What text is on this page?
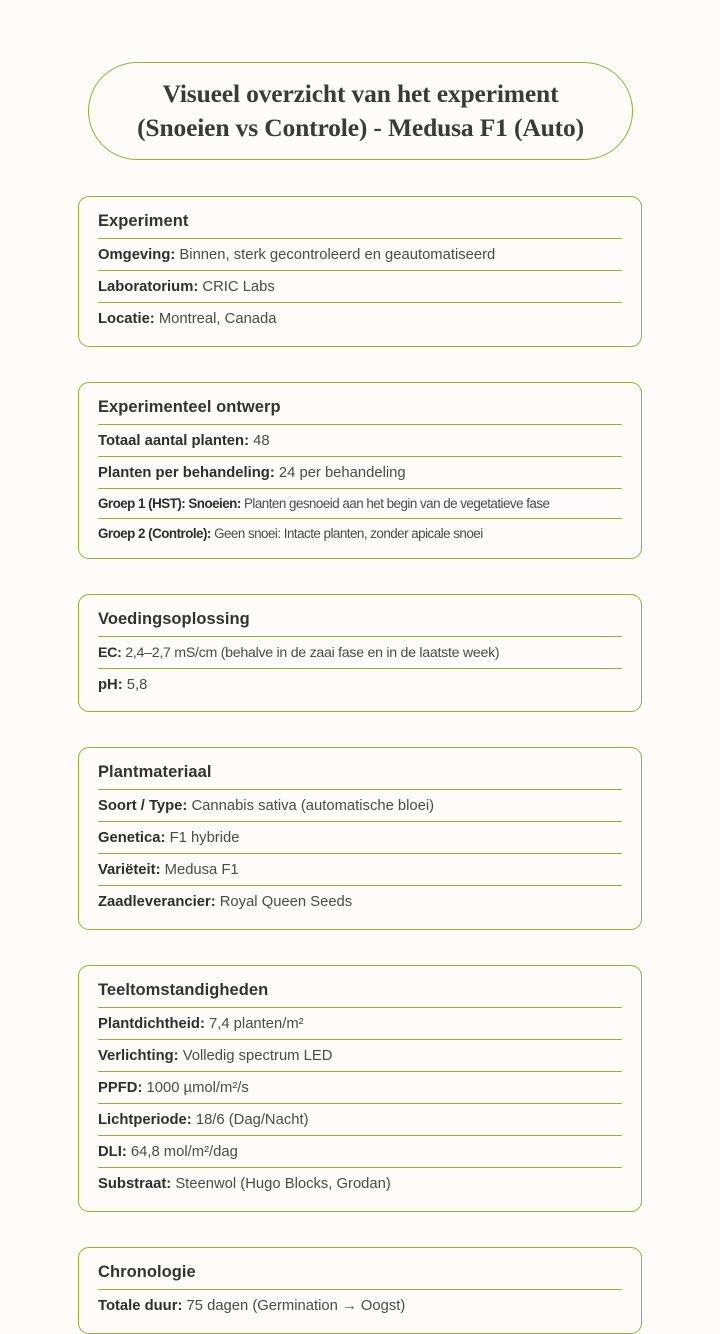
Visueel overzicht van het experiment
(Snoeien vs Controle) - Medusa F1 (Auto)
Experiment
Omgeving: Binnen, sterk gecontroleerd en geautomatiseerd
Laboratorium: CRIC Labs
Locatie: Montreal, Canada
Experimenteel ontwerp
Totaal aantal planten: 48
Planten per behandeling: 24 per behandeling
Groep 1 (HST): Snoeien: Planten gesnoeid aan het begin van de vegetatieve fase
Groep 2 (Controle): Geen snoei: Intacte planten, zonder apicale snoei
Voedingsoplossing
EC: 2,4–2,7 mS/cm (behalve in de zaai fase en in de laatste week)
pH: 5,8
Plantmateriaal
Soort / Type: Cannabis sativa (automatische bloei)
Genetica: F1 hybride
Variëteit: Medusa F1
Zaadleverancier: Royal Queen Seeds
Teeltomstandigheden
Plantdichtheid: 7,4 planten/m²
Verlichting: Volledig spectrum LED
PPFD: 1000 µmol/m²/s
Lichtperiode: 18/6 (Dag/Nacht)
DLI: 64,8 mol/m²/dag
Substraat: Steenwol (Hugo Blocks, Grodan)
Chronologie
Totale duur: 75 dagen (Germination → Oogst)
